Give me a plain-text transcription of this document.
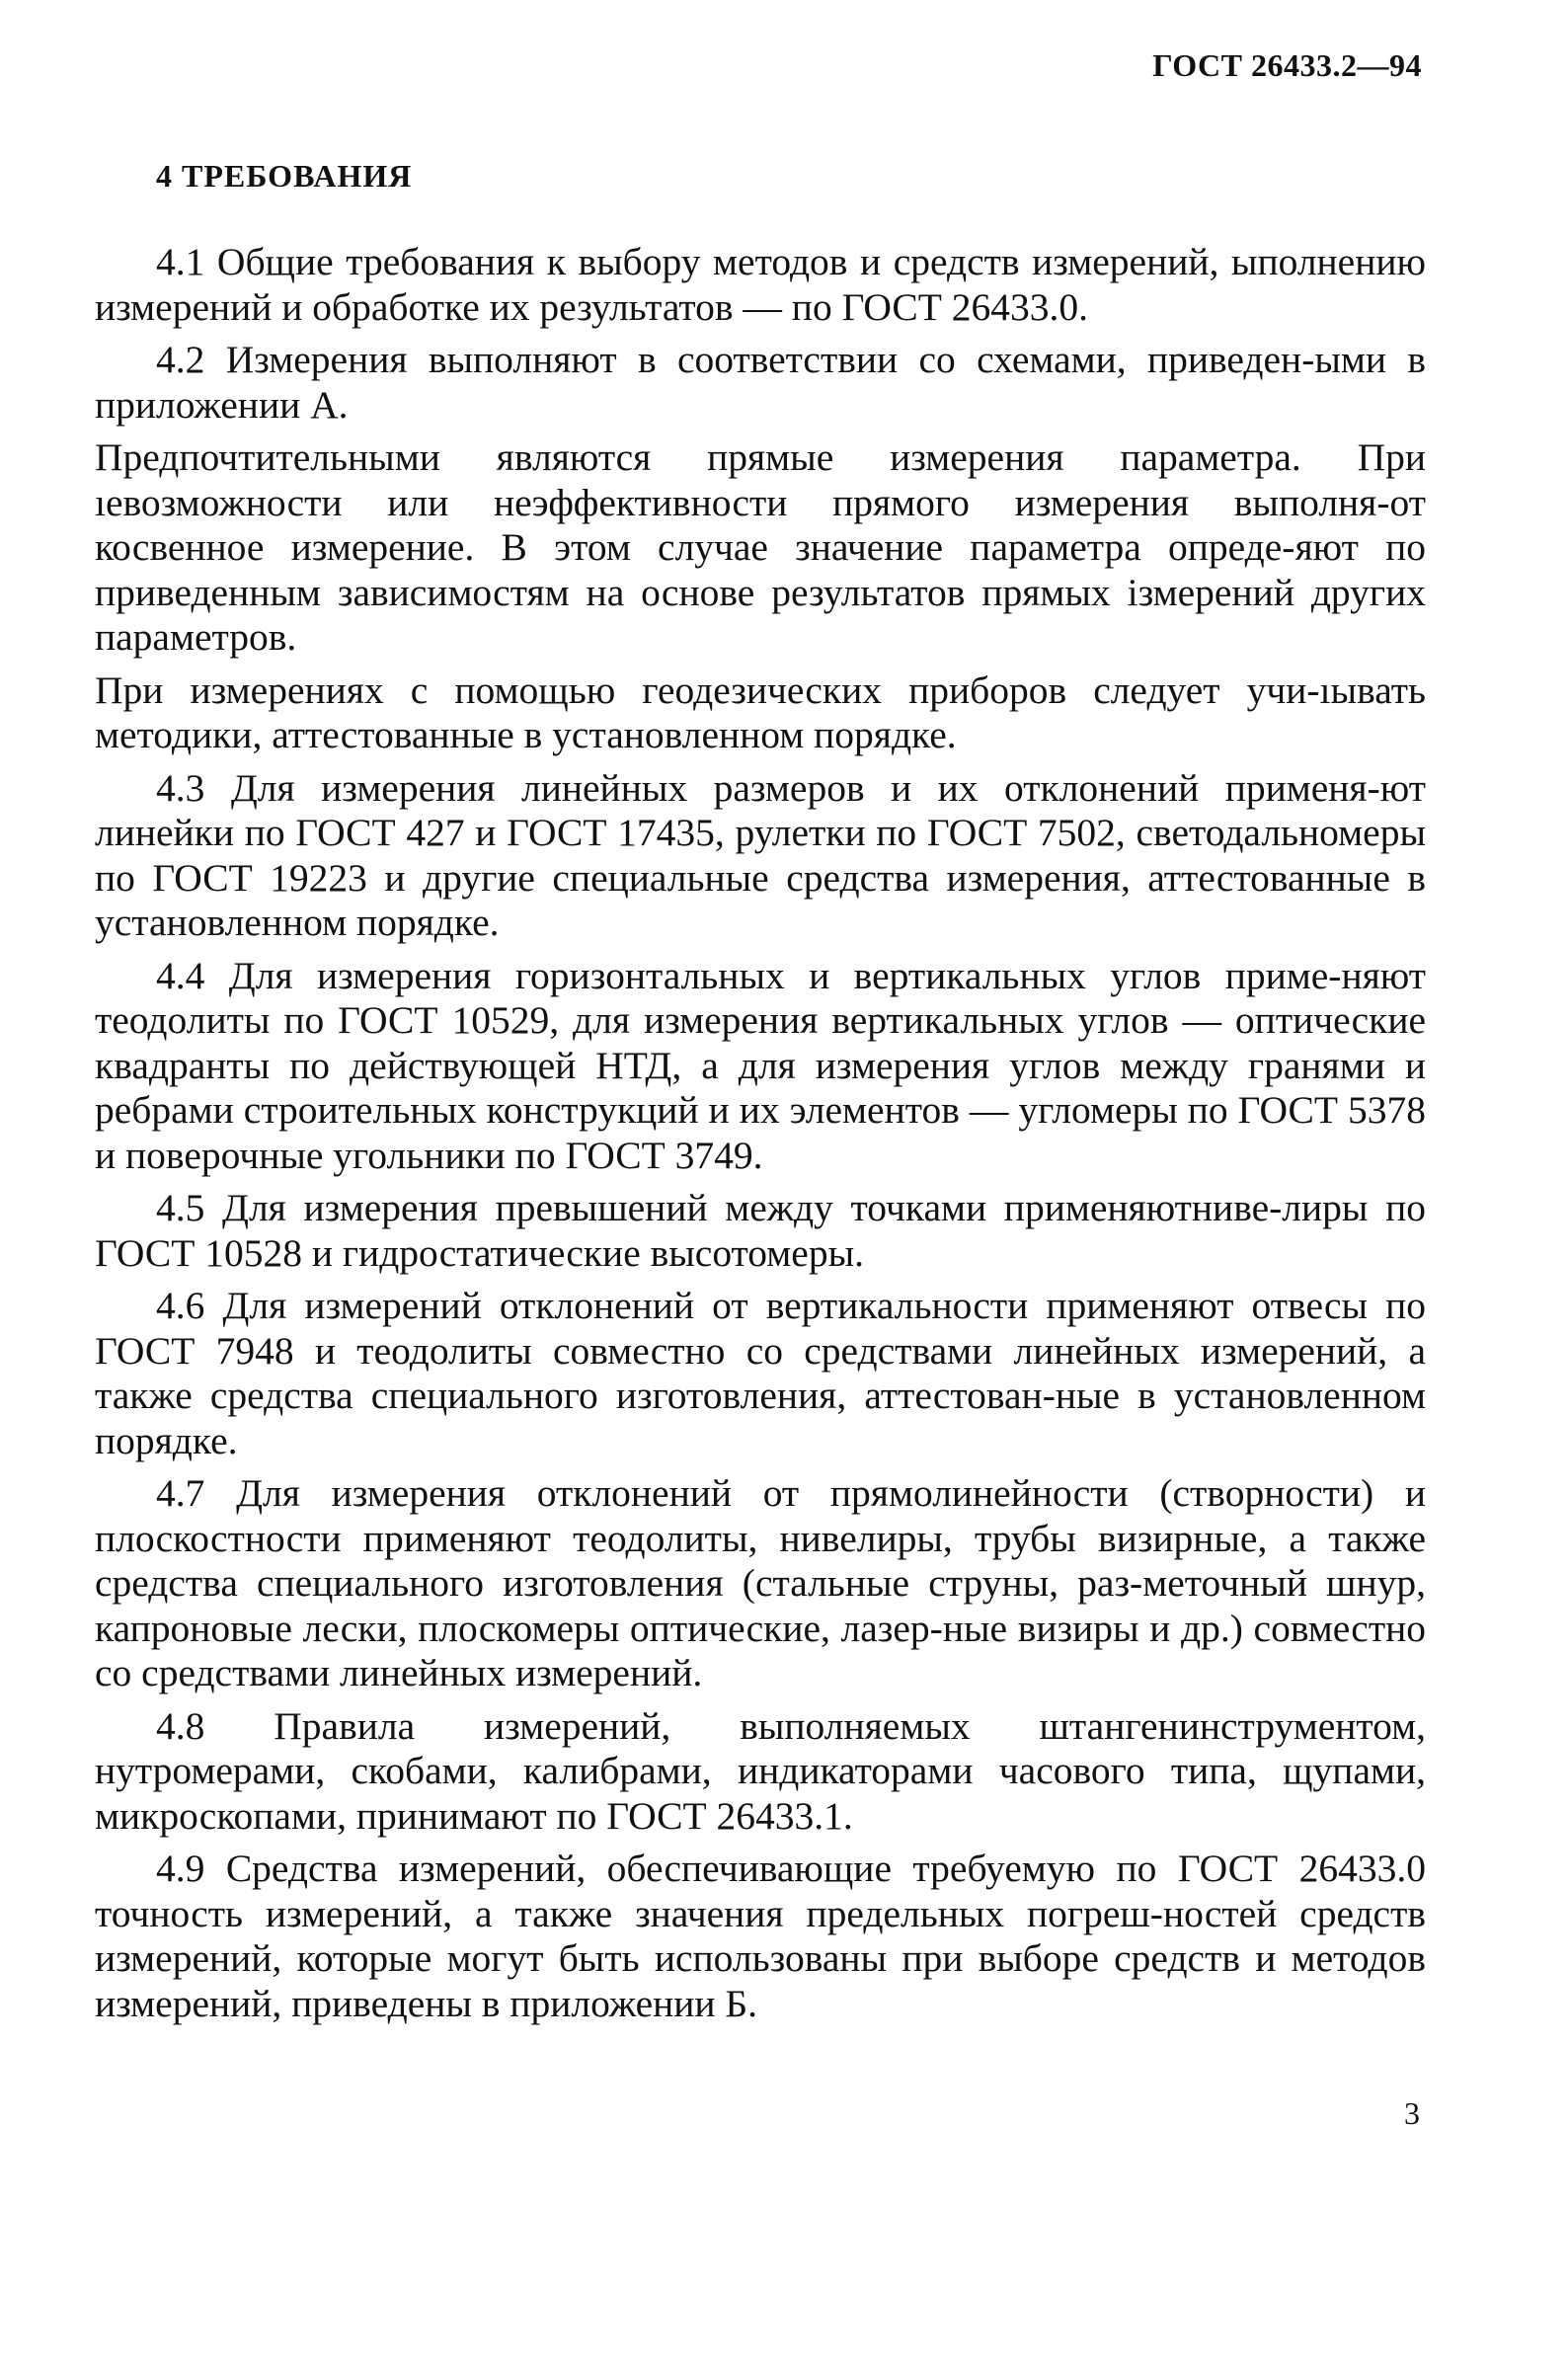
ГОСТ 26433.2—94
4 ТРЕБОВАНИЯ

4.1 Общие требования к выбору методов и средств измерений, ыполнению измерений и обработке их результатов — по ГОСТ 26433.0.

4.2 Измерения выполняют в соответствии со схемами, приведен-ыми в приложении А.

Предпочтительными являются прямые измерения параметра. При ıевозможности или неэффективности прямого измерения выполня-от косвенное измерение. В этом случае значение параметра опреде-яют по приведенным зависимостям на основе результатов прямых ізмерений других параметров.

При измерениях с помощью геодезических приборов следует учи-ıывать методики, аттестованные в установленном порядке.

4.3 Для измерения линейных размеров и их отклонений применя-ют линейки по ГОСТ 427 и ГОСТ 17435, рулетки по ГОСТ 7502, светодальномеры по ГОСТ 19223 и другие специальные средства измерения, аттестованные в установленном порядке.

4.4 Для измерения горизонтальных и вертикальных углов приме-няют теодолиты по ГОСТ 10529, для измерения вертикальных углов — оптические квадранты по действующей НТД, а для измерения углов между гранями и ребрами строительных конструкций и их элементов — угломеры по ГОСТ 5378 и поверочные угольники по ГОСТ 3749.

4.5 Для измерения превышений между точками применяютниве-лиры по ГОСТ 10528 и гидростатические высотомеры.

4.6 Для измерений отклонений от вертикальности применяют отвесы по ГОСТ 7948 и теодолиты совместно со средствами линейных измерений, а также средства специального изготовления, аттестован-ные в установленном порядке.

4.7 Для измерения отклонений от прямолинейности (створности) и плоскостности применяют теодолиты, нивелиры, трубы визирные, а также средства специального изготовления (стальные струны, раз-меточный шнур, капроновые лески, плоскомеры оптические, лазер-ные визиры и др.) совместно со средствами линейных измерений.

4.8 Правила измерений, выполняемых штангенинструментом, нутромерами, скобами, калибрами, индикаторами часового типа, щупами, микроскопами, принимают по ГОСТ 26433.1.

4.9 Средства измерений, обеспечивающие требуемую по ГОСТ 26433.0 точность измерений, а также значения предельных погреш-ностей средств измерений, которые могут быть использованы при выборе средств и методов измерений, приведены в приложении Б.

3
